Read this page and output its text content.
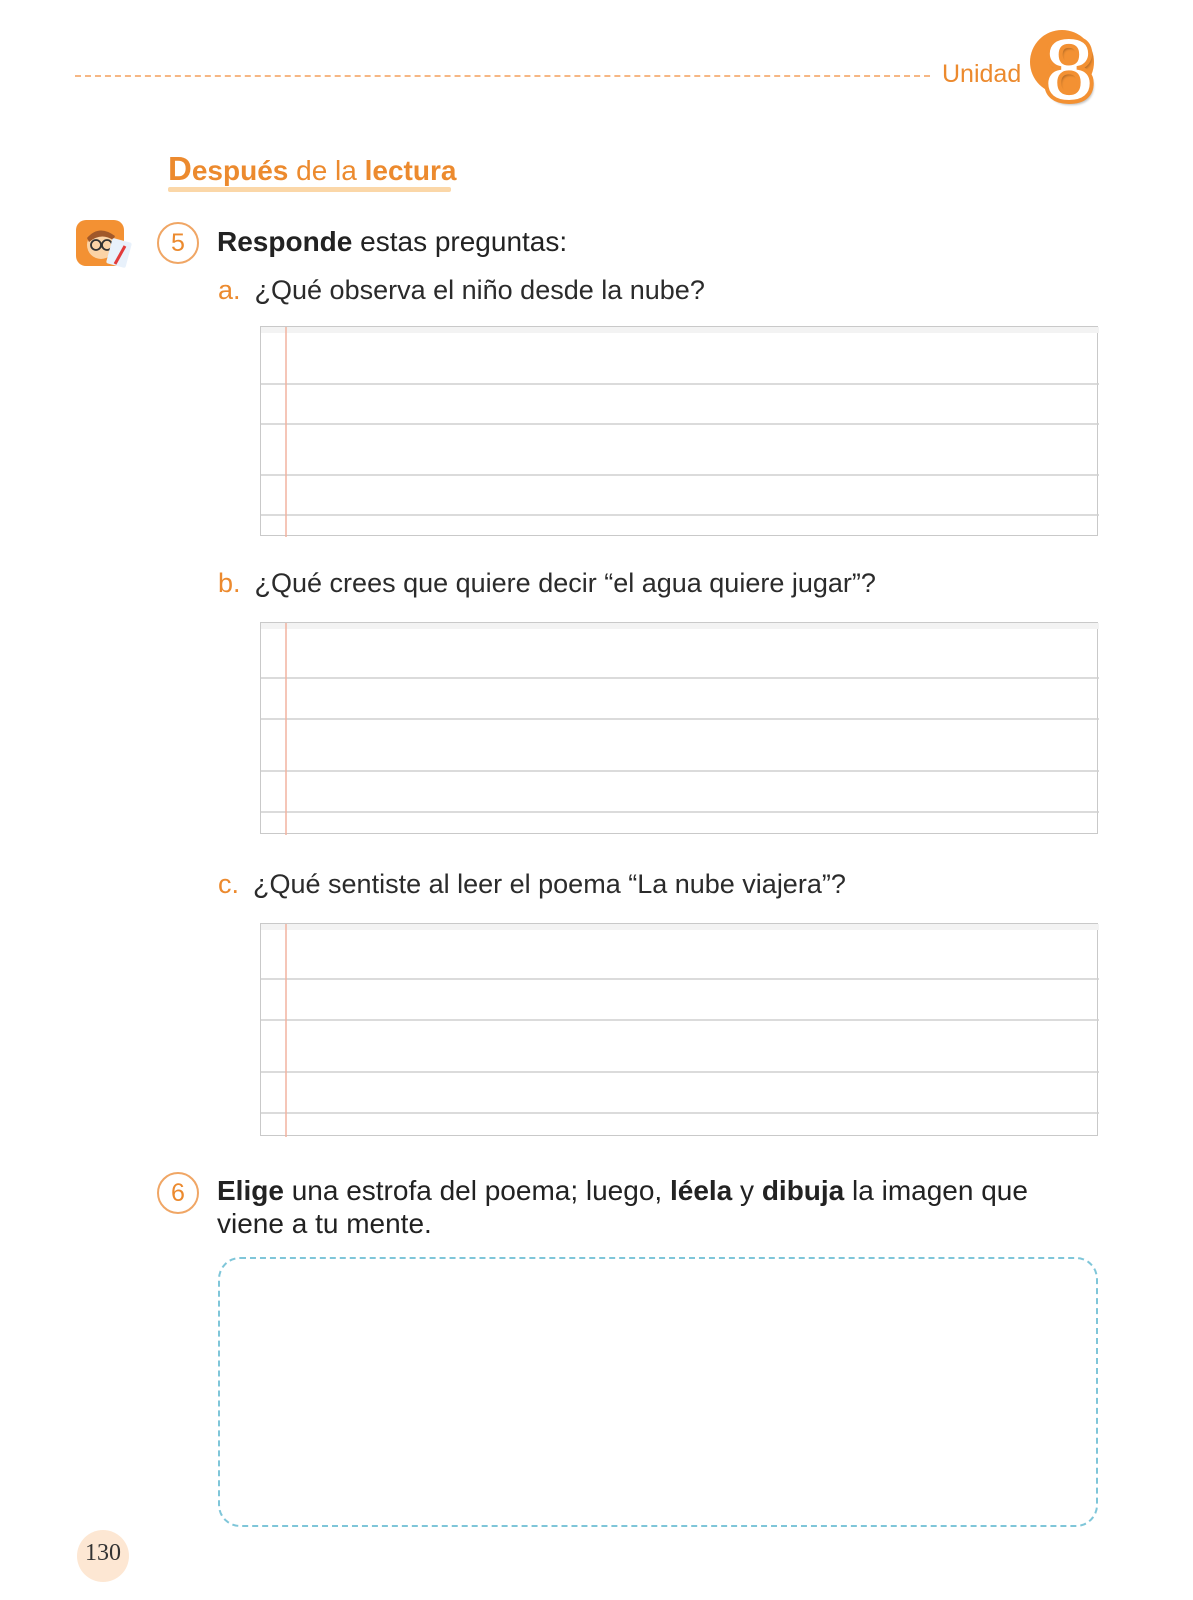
Unidad 8
Después de la lectura
5	Responde estas preguntas:
a. ¿Qué observa el niño desde la nube?
b. ¿Qué crees que quiere decir “el agua quiere jugar”?
c. ¿Qué sentiste al leer el poema “La nube viajera”?
6	Elige una estrofa del poema; luego, léela y dibuja la imagen que viene a tu mente.
130
